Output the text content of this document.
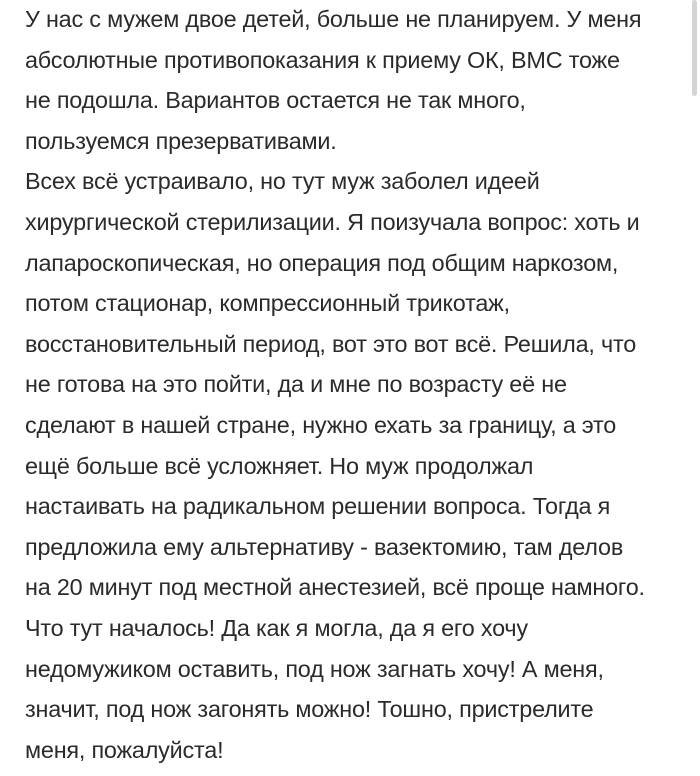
У нас с мужем двое детей, больше не планируем. У меня
абсолютные противопоказания к приему ОК, ВМС тоже
не подошла. Вариантов остается не так много,
пользуемся презервативами.
Всех всё устраивало, но тут муж заболел идеей
хирургической стерилизации. Я поизучала вопрос: хоть и
лапароскопическая, но операция под общим наркозом,
потом стационар, компрессионный трикотаж,
восстановительный период, вот это вот всё. Решила, что
не готова на это пойти, да и мне по возрасту её не
сделают в нашей стране, нужно ехать за границу, а это
ещё больше всё усложняет. Но муж продолжал
настаивать на радикальном решении вопроса. Тогда я
предложила ему альтернативу - вазектомию, там делов
на 20 минут под местной анестезией, всё проще намного.
Что тут началось! Да как я могла, да я его хочу
недомужиком оставить, под нож загнать хочу! А меня,
значит, под нож загонять можно! Тошно, пристрелите
меня, пожалуйста!
